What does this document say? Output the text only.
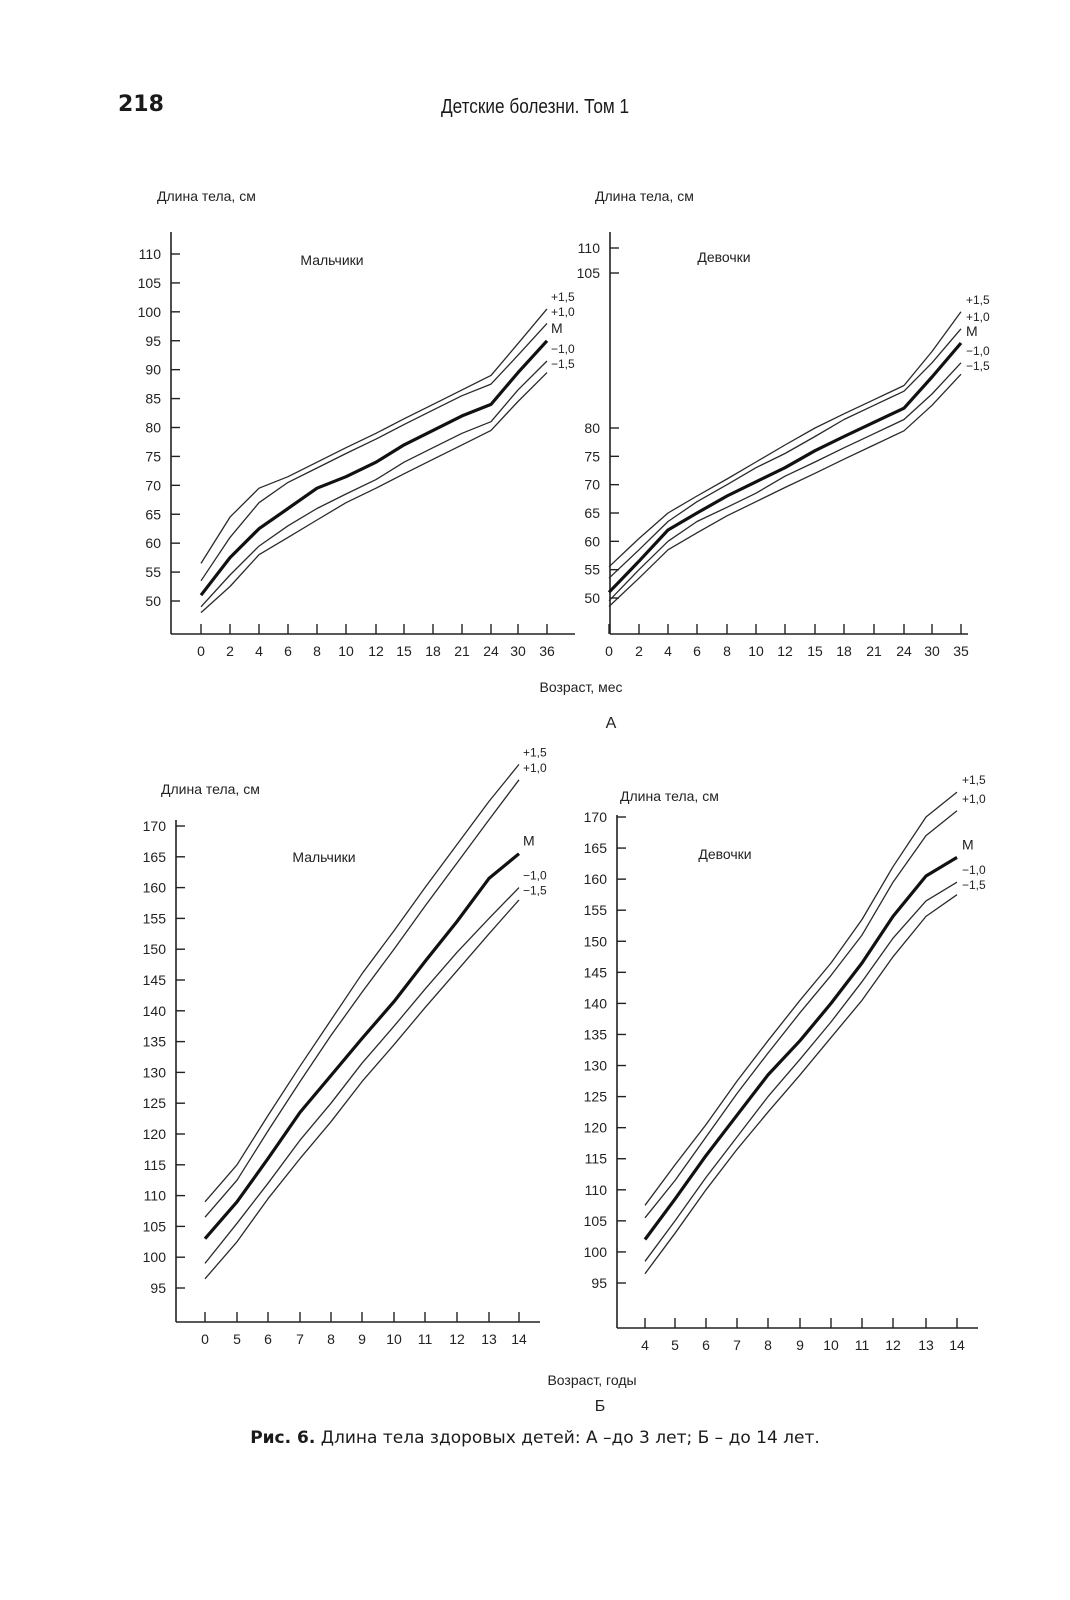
218	Детские болезни. Том 1
50
55
60
65
70
75
80
85
90
95
100
105
110
0 2 4 6 8 10 12 15 18 21 24 30 36
Длина тела, см
Мальчики
+1,5
+1,0
М
−1,0
−1,5
50
55
60
65
70
75
80
105
110
0 2 4 6 8 10 12 15 18 21 24 30 35
Длина тела, см
Девочки
+1,5
+1,0
М
−1,0
−1,5
95
100
105
110
115
120
125
130
135
140
145
150
155
160
165
170
0 5 6 7 8 9 10 11 12 13 14
Длина тела, см
Мальчики
+1,5
+1,0
М
−1,0
−1,5
95
100
105
110
115
120
125
130
135
140
145
150
155
160
165
170
4 5 6 7 8 9 10 11 12 13 14
Длина тела, см
Девочки
+1,5
+1,0
М
−1,0
−1,5
Возраст, мес
А
Возраст, годы
Б
Рис. 6. Длина тела здоровых детей: А –до 3 лет; Б – до 14 лет.
